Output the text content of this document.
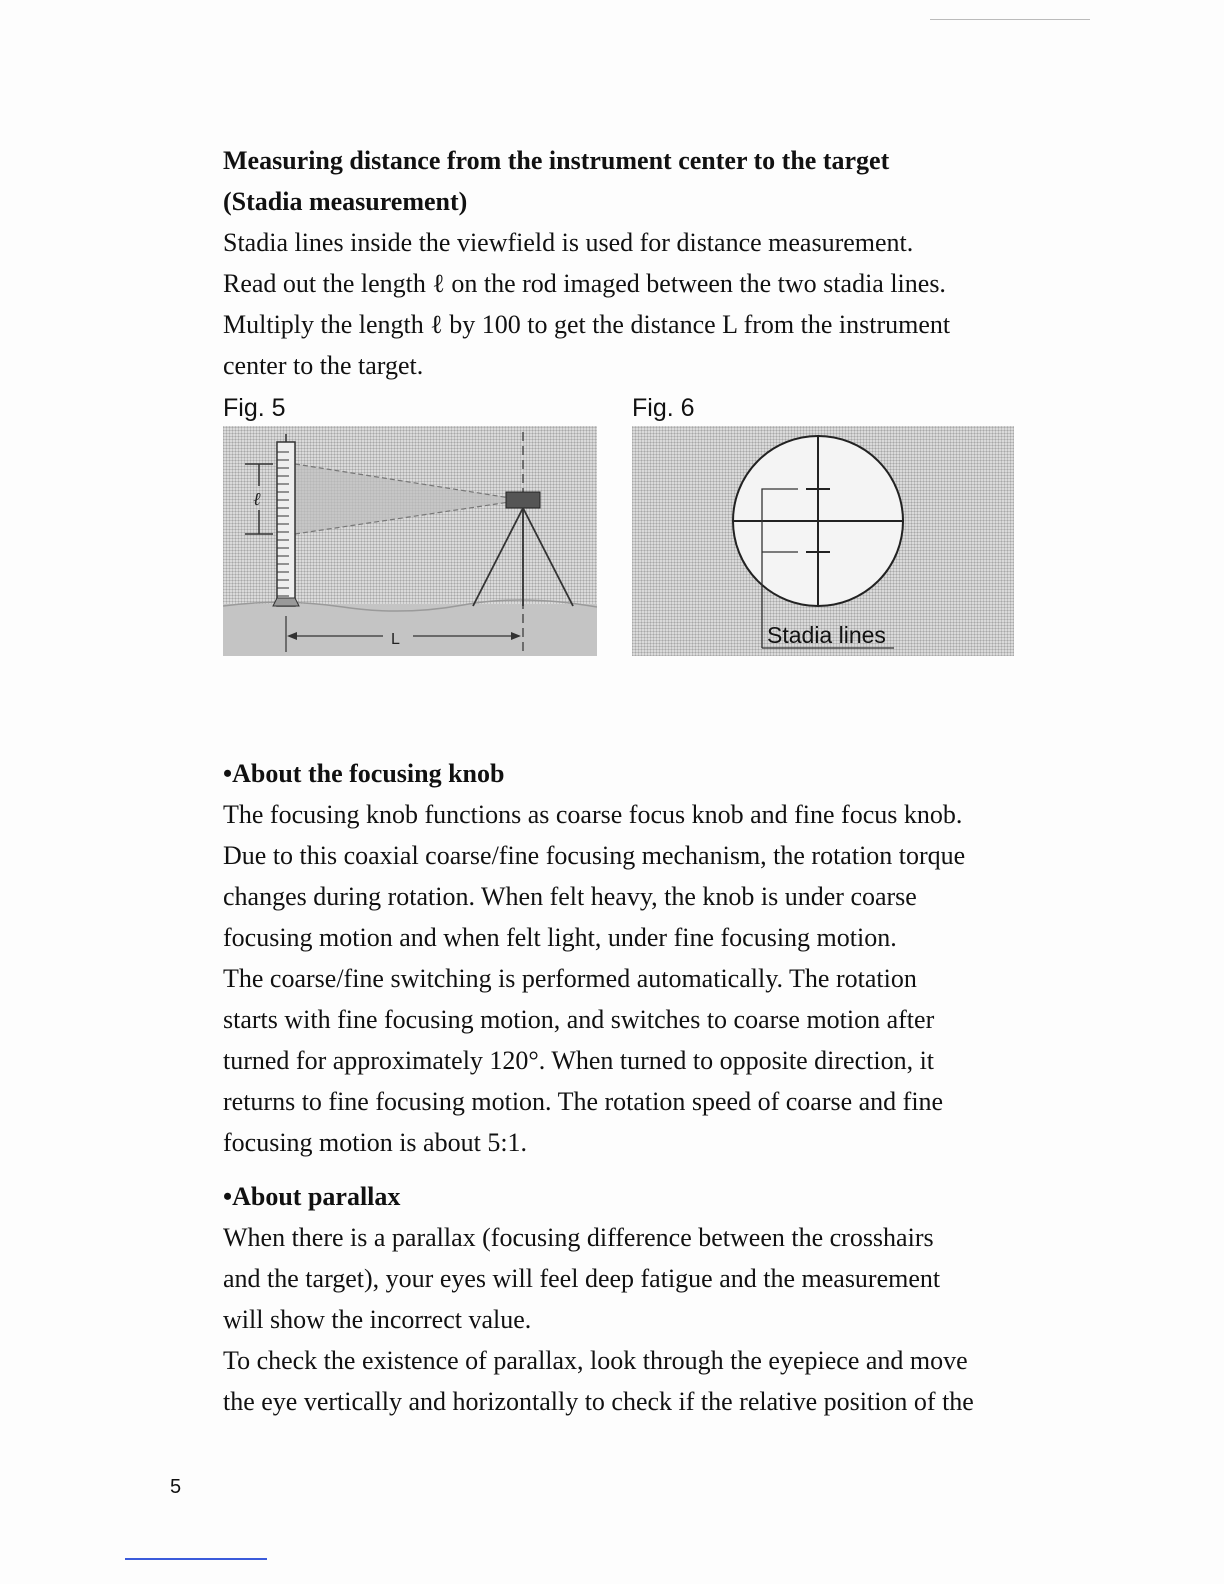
Measuring distance from the instrument center to the target
(Stadia measurement)
Stadia lines inside the viewfield is used for distance measurement.
Read out the length ℓ on the rod imaged between the two stadia lines.
Multiply the length ℓ by 100 to get the distance L from the instrument
center to the target.
Fig. 5	Fig. 6
ℓ
L	Stadia lines
•About the focusing knob
The focusing knob functions as coarse focus knob and fine focus knob.
Due to this coaxial coarse/fine focusing mechanism, the rotation torque
changes during rotation. When felt heavy, the knob is under coarse
focusing motion and when felt light, under fine focusing motion.
The coarse/fine switching is performed automatically. The rotation
starts with fine focusing motion, and switches to coarse motion after
turned for approximately 120°. When turned to opposite direction, it
returns to fine focusing motion. The rotation speed of coarse and fine
focusing motion is about 5:1.
•About parallax
When there is a parallax (focusing difference between the crosshairs
and the target), your eyes will feel deep fatigue and the measurement
will show the incorrect value.
To check the existence of parallax, look through the eyepiece and move
the eye vertically and horizontally to check if the relative position of the
5
